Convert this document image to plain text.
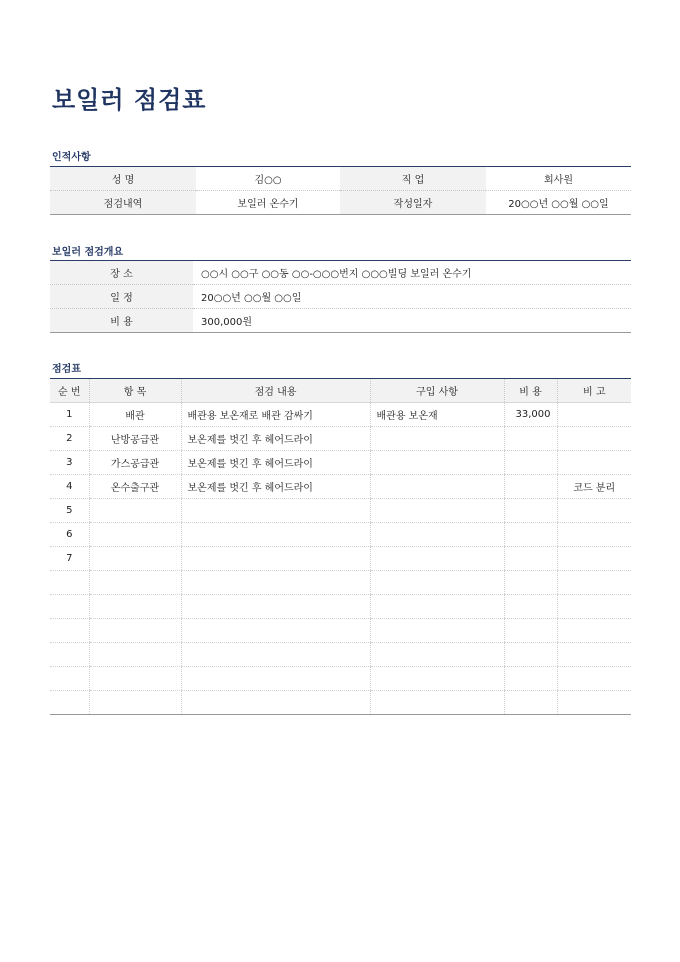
보일러 점검표
인적사항
성 명	김○○	직 업	회사원
점검내역	보일러 온수기	작성일자	20○○년 ○○월 ○○일
보일러 점검개요
장 소	○○시 ○○구 ○○동 ○○-○○○번지 ○○○빌딩 보일러 온수기
일 정	20○○년 ○○월 ○○일
비 용	300,000원
점검표
순 번	항 목	점검 내용	구입 사항	비 용	비 고
1	배관	배관용 보온재로 배관 감싸기	배관용 보온재	33,000	
2	난방공급관	보온제를 벗긴 후 헤어드라이			
3	가스공급관	보온제를 벗긴 후 헤어드라이			
4	온수출구관	보온제를 벗긴 후 헤어드라이			코드 분리
5					
6					
7					
